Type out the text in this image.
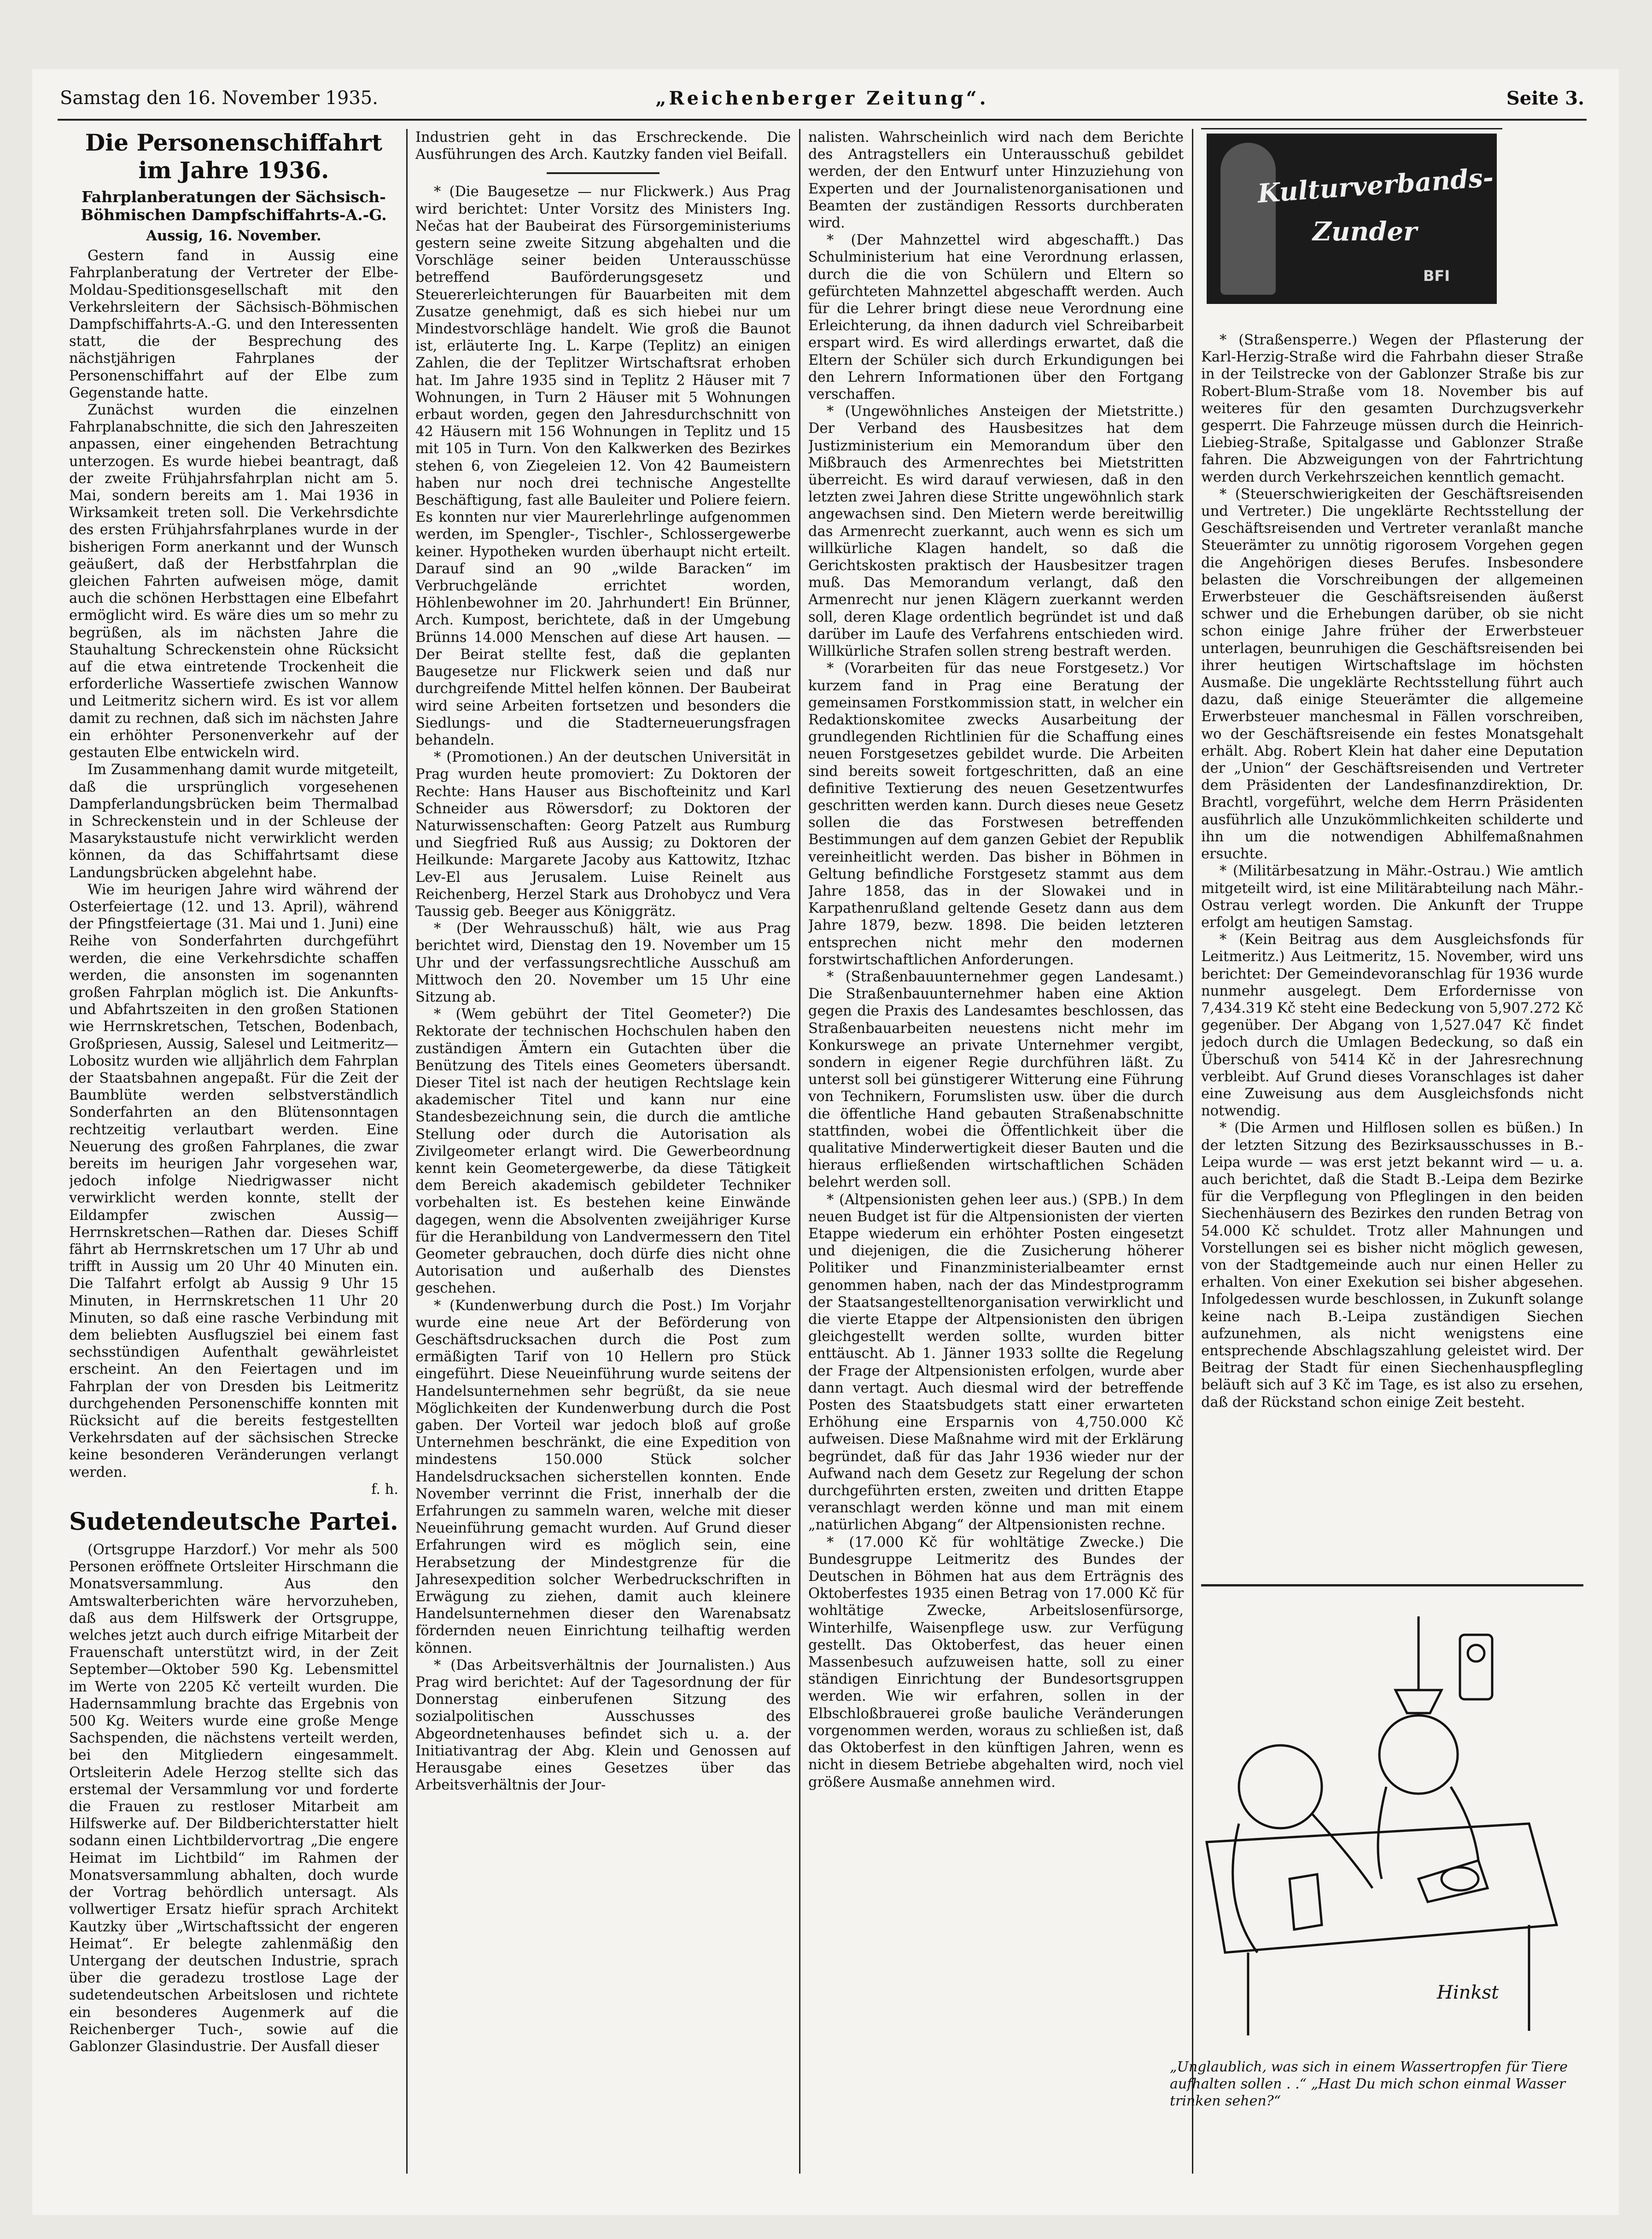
Samstag den 16. November 1935.	„Reichenberger Zeitung“.	Seite 3.
Die Personenschiffahrt im Jahre 1936.
Fahrplanberatungen der Sächsisch-Böhmischen Dampfschiffahrts-A.-G.
Aussig, 16. November.

Gestern fand in Aussig eine Fahrplanberatung der Vertreter der Elbe-Moldau-Speditionsgesellschaft mit den Verkehrsleitern der Sächsisch-Böhmischen Dampfschiffahrts-A.-G. und den Interessenten statt, die der Besprechung des nächstjährigen Fahrplanes der Personenschiffahrt auf der Elbe zum Gegenstande hatte.

Zunächst wurden die einzelnen Fahrplanabschnitte, die sich den Jahreszeiten anpassen, einer eingehenden Betrachtung unterzogen. Es wurde hiebei beantragt, daß der zweite Frühjahrsfahrplan nicht am 5. Mai, sondern bereits am 1. Mai 1936 in Wirksamkeit treten soll. Die Verkehrsdichte des ersten Frühjahrsfahrplanes wurde in der bisherigen Form anerkannt und der Wunsch geäußert, daß der Herbstfahrplan die gleichen Fahrten aufweisen möge, damit auch die schönen Herbsttagen eine Elbefahrt ermöglicht wird. Es wäre dies um so mehr zu begrüßen, als im nächsten Jahre die Stauhaltung Schreckenstein ohne Rücksicht auf die etwa eintretende Trockenheit die erforderliche Wassertiefe zwischen Wannow und Leitmeritz sichern wird. Es ist vor allem damit zu rechnen, daß sich im nächsten Jahre ein erhöhter Personenverkehr auf der gestauten Elbe entwickeln wird.

Im Zusammenhang damit wurde mitgeteilt, daß die ursprünglich vorgesehenen Dampferlandungsbrücken beim Thermalbad in Schreckenstein und in der Schleuse der Masarykstaustufe nicht verwirklicht werden können, da das Schiffahrtsamt diese Landungsbrücken abgelehnt habe.

Wie im heurigen Jahre wird während der Osterfeiertage (12. und 13. April), während der Pfingstfeiertage (31. Mai und 1. Juni) eine Reihe von Sonderfahrten durchgeführt werden, die eine Verkehrsdichte schaffen werden, die ansonsten im sogenannten großen Fahrplan möglich ist. Die Ankunfts- und Abfahrtszeiten in den großen Stationen wie Herrnskretschen, Tetschen, Bodenbach, Großpriesen, Aussig, Salesel und Leitmeritz—Lobositz wurden wie alljährlich dem Fahrplan der Staatsbahnen angepaßt. Für die Zeit der Baumblüte werden selbstverständlich Sonderfahrten an den Blütensonntagen rechtzeitig verlautbart werden. Eine Neuerung des großen Fahrplanes, die zwar bereits im heurigen Jahr vorgesehen war, jedoch infolge Niedrigwasser nicht verwirklicht werden konnte, stellt der Eildampfer zwischen Aussig—Herrnskretschen—Rathen dar. Dieses Schiff fährt ab Herrnskretschen um 17 Uhr ab und trifft in Aussig um 20 Uhr 40 Minuten ein. Die Talfahrt erfolgt ab Aussig 9 Uhr 15 Minuten, in Herrnskretschen 11 Uhr 20 Minuten, so daß eine rasche Verbindung mit dem beliebten Ausflugsziel bei einem fast sechsstündigen Aufenthalt gewährleistet erscheint. An den Feiertagen und im Fahrplan der von Dresden bis Leitmeritz durchgehenden Personenschiffe konnten mit Rücksicht auf die bereits festgestellten Verkehrsdaten auf der sächsischen Strecke keine besonderen Veränderungen verlangt werden.

f. h.
Sudetendeutsche Partei.

(Ortsgruppe Harzdorf.) Vor mehr als 500 Personen eröffnete Ortsleiter Hirschmann die Monatsversammlung. Aus den Amtswalterberichten wäre hervorzuheben, daß aus dem Hilfswerk der Ortsgruppe, welches jetzt auch durch eifrige Mitarbeit der Frauenschaft unterstützt wird, in der Zeit September—Oktober 590 Kg. Lebensmittel im Werte von 2205 Kč verteilt wurden. Die Hadernsammlung brachte das Ergebnis von 500 Kg. Weiters wurde eine große Menge Sachspenden, die nächstens verteilt werden, bei den Mitgliedern eingesammelt. Ortsleiterin Adele Herzog stellte sich das erstemal der Versammlung vor und forderte die Frauen zu restloser Mitarbeit am Hilfswerke auf. Der Bildberichterstatter hielt sodann einen Lichtbildervortrag „Die engere Heimat im Lichtbild“ im Rahmen der Monatsversammlung abhalten, doch wurde der Vortrag behördlich untersagt. Als vollwertiger Ersatz hiefür sprach Architekt Kautzky über „Wirtschaftssicht der engeren Heimat“. Er belegte zahlenmäßig den Untergang der deutschen Industrie, sprach über die geradezu trostlose Lage der sudetendeutschen Arbeitslosen und richtete ein besonderes Augenmerk auf die Reichenberger Tuch-, sowie auf die Gablonzer Glasindustrie. Der Ausfall dieser

Industrien geht in das Erschreckende. Die Ausführungen des Arch. Kautzky fanden viel Beifall.

* (Die Baugesetze — nur Flickwerk.) Aus Prag wird berichtet: Unter Vorsitz des Ministers Ing. Nečas hat der Baubeirat des Fürsorgeministeriums gestern seine zweite Sitzung abgehalten und die Vorschläge seiner beiden Unterausschüsse betreffend Bauförderungsgesetz und Steuererleichterungen für Bauarbeiten mit dem Zusatze genehmigt, daß es sich hiebei nur um Mindestvorschläge handelt. Wie groß die Baunot ist, erläuterte Ing. L. Karpe (Teplitz) an einigen Zahlen, die der Teplitzer Wirtschaftsrat erhoben hat. Im Jahre 1935 sind in Teplitz 2 Häuser mit 7 Wohnungen, in Turn 2 Häuser mit 5 Wohnungen erbaut worden, gegen den Jahresdurchschnitt von 42 Häusern mit 156 Wohnungen in Teplitz und 15 mit 105 in Turn. Von den Kalkwerken des Bezirkes stehen 6, von Ziegeleien 12. Von 42 Baumeistern haben nur noch drei technische Angestellte Beschäftigung, fast alle Bauleiter und Poliere feiern. Es konnten nur vier Maurerlehrlinge aufgenommen werden, im Spengler-, Tischler-, Schlossergewerbe keiner. Hypotheken wurden überhaupt nicht erteilt. Darauf sind an 90 „wilde Baracken“ im Verbruchgelände errichtet worden, Höhlenbewohner im 20. Jahrhundert! Ein Brünner, Arch. Kumpost, berichtete, daß in der Umgebung Brünns 14.000 Menschen auf diese Art hausen. — Der Beirat stellte fest, daß die geplanten Baugesetze nur Flickwerk seien und daß nur durchgreifende Mittel helfen können. Der Baubeirat wird seine Arbeiten fortsetzen und besonders die Siedlungs- und die Stadterneuerungsfragen behandeln.

* (Promotionen.) An der deutschen Universität in Prag wurden heute promoviert: Zu Doktoren der Rechte: Hans Hauser aus Bischofteinitz und Karl Schneider aus Röwersdorf; zu Doktoren der Naturwissenschaften: Georg Patzelt aus Rumburg und Siegfried Ruß aus Aussig; zu Doktoren der Heilkunde: Margarete Jacoby aus Kattowitz, Itzhac Lev-El aus Jerusalem. Luise Reinelt aus Reichenberg, Herzel Stark aus Drohobycz und Vera Taussig geb. Beeger aus Königgrätz.

* (Der Wehrausschuß) hält, wie aus Prag berichtet wird, Dienstag den 19. November um 15 Uhr und der verfassungsrechtliche Ausschuß am Mittwoch den 20. November um 15 Uhr eine Sitzung ab.

* (Wem gebührt der Titel Geometer?) Die Rektorate der technischen Hochschulen haben den zuständigen Ämtern ein Gutachten über die Benützung des Titels eines Geometers übersandt. Dieser Titel ist nach der heutigen Rechtslage kein akademischer Titel und kann nur eine Standesbezeichnung sein, die durch die amtliche Stellung oder durch die Autorisation als Zivilgeometer erlangt wird. Die Gewerbeordnung kennt kein Geometergewerbe, da diese Tätigkeit dem Bereich akademisch gebildeter Techniker vorbehalten ist. Es bestehen keine Einwände dagegen, wenn die Absolventen zweijähriger Kurse für die Heranbildung von Landvermessern den Titel Geometer gebrauchen, doch dürfe dies nicht ohne Autorisation und außerhalb des Dienstes geschehen.

* (Kundenwerbung durch die Post.) Im Vorjahr wurde eine neue Art der Beförderung von Geschäftsdrucksachen durch die Post zum ermäßigten Tarif von 10 Hellern pro Stück eingeführt. Diese Neueinführung wurde seitens der Handelsunternehmen sehr begrüßt, da sie neue Möglichkeiten der Kundenwerbung durch die Post gaben. Der Vorteil war jedoch bloß auf große Unternehmen beschränkt, die eine Expedition von mindestens 150.000 Stück solcher Handelsdrucksachen sicherstellen konnten. Ende November verrinnt die Frist, innerhalb der die Erfahrungen zu sammeln waren, welche mit dieser Neueinführung gemacht wurden. Auf Grund dieser Erfahrungen wird es möglich sein, eine Herabsetzung der Mindestgrenze für die Jahresexpedition solcher Werbedruckschriften in Erwägung zu ziehen, damit auch kleinere Handelsunternehmen dieser den Warenabsatz fördernden neuen Einrichtung teilhaftig werden können.

* (Das Arbeitsverhältnis der Journalisten.) Aus Prag wird berichtet: Auf der Tagesordnung der für Donnerstag einberufenen Sitzung des sozialpolitischen Ausschusses des Abgeordnetenhauses befindet sich u. a. der Initiativantrag der Abg. Klein und Genossen auf Herausgabe eines Gesetzes über das Arbeitsverhältnis der Jour-

nalisten. Wahrscheinlich wird nach dem Berichte des Antragstellers ein Unterausschuß gebildet werden, der den Entwurf unter Hinzuziehung von Experten und der Journalistenorganisationen und Beamten der zuständigen Ressorts durchberaten wird.

* (Der Mahnzettel wird abgeschafft.) Das Schulministerium hat eine Verordnung erlassen, durch die die von Schülern und Eltern so gefürchteten Mahnzettel abgeschafft werden. Auch für die Lehrer bringt diese neue Verordnung eine Erleichterung, da ihnen dadurch viel Schreibarbeit erspart wird. Es wird allerdings erwartet, daß die Eltern der Schüler sich durch Erkundigungen bei den Lehrern Informationen über den Fortgang verschaffen.

* (Ungewöhnliches Ansteigen der Mietstritte.) Der Verband des Hausbesitzes hat dem Justizministerium ein Memorandum über den Mißbrauch des Armenrechtes bei Mietstritten überreicht. Es wird darauf verwiesen, daß in den letzten zwei Jahren diese Stritte ungewöhnlich stark angewachsen sind. Den Mietern werde bereitwillig das Armenrecht zuerkannt, auch wenn es sich um willkürliche Klagen handelt, so daß die Gerichtskosten praktisch der Hausbesitzer tragen muß. Das Memorandum verlangt, daß den Armenrecht nur jenen Klägern zuerkannt werden soll, deren Klage ordentlich begründet ist und daß darüber im Laufe des Verfahrens entschieden wird. Willkürliche Strafen sollen streng bestraft werden.

* (Vorarbeiten für das neue Forstgesetz.) Vor kurzem fand in Prag eine Beratung der gemeinsamen Forstkommission statt, in welcher ein Redaktionskomitee zwecks Ausarbeitung der grundlegenden Richtlinien für die Schaffung eines neuen Forstgesetzes gebildet wurde. Die Arbeiten sind bereits soweit fortgeschritten, daß an eine definitive Textierung des neuen Gesetzentwurfes geschritten werden kann. Durch dieses neue Gesetz sollen die das Forstwesen betreffenden Bestimmungen auf dem ganzen Gebiet der Republik vereinheitlicht werden. Das bisher in Böhmen in Geltung befindliche Forstgesetz stammt aus dem Jahre 1858, das in der Slowakei und in Karpathenrußland geltende Gesetz dann aus dem Jahre 1879, bezw. 1898. Die beiden letzteren entsprechen nicht mehr den modernen forstwirtschaftlichen Anforderungen.

* (Straßenbauunternehmer gegen Landesamt.) Die Straßenbauunternehmer haben eine Aktion gegen die Praxis des Landesamtes beschlossen, das Straßenbauarbeiten neuestens nicht mehr im Konkurswege an private Unternehmer vergibt, sondern in eigener Regie durchführen läßt. Zu unterst soll bei günstigerer Witterung eine Führung von Technikern, Forumslisten usw. über die durch die öffentliche Hand gebauten Straßenabschnitte stattfinden, wobei die Öffentlichkeit über die qualitative Minderwertigkeit dieser Bauten und die hieraus erfließenden wirtschaftlichen Schäden belehrt werden soll.

* (Altpensionisten gehen leer aus.) (SPB.) In dem neuen Budget ist für die Altpensionisten der vierten Etappe wiederum ein erhöhter Posten eingesetzt und diejenigen, die die Zusicherung höherer Politiker und Finanzministerialbeamter ernst genommen haben, nach der das Mindestprogramm der Staatsangestelltenorganisation verwirklicht und die vierte Etappe der Altpensionisten den übrigen gleichgestellt werden sollte, wurden bitter enttäuscht. Ab 1. Jänner 1933 sollte die Regelung der Frage der Altpensionisten erfolgen, wurde aber dann vertagt. Auch diesmal wird der betreffende Posten des Staatsbudgets statt einer erwarteten Erhöhung eine Ersparnis von 4,750.000 Kč aufweisen. Diese Maßnahme wird mit der Erklärung begründet, daß für das Jahr 1936 wieder nur der Aufwand nach dem Gesetz zur Regelung der schon durchgeführten ersten, zweiten und dritten Etappe veranschlagt werden könne und man mit einem „natürlichen Abgang“ der Altpensionisten rechne.

* (17.000 Kč für wohltätige Zwecke.) Die Bundesgruppe Leitmeritz des Bundes der Deutschen in Böhmen hat aus dem Erträgnis des Oktoberfestes 1935 einen Betrag von 17.000 Kč für wohltätige Zwecke, Arbeitslosenfürsorge, Winterhilfe, Waisenpflege usw. zur Verfügung gestellt. Das Oktoberfest, das heuer einen Massenbesuch aufzuweisen hatte, soll zu einer ständigen Einrichtung der Bundesortsgruppen werden. Wie wir erfahren, sollen in der Elbschloßbrauerei große bauliche Veränderungen vorgenommen werden, woraus zu schließen ist, daß das Oktoberfest in den künftigen Jahren, wenn es nicht in diesem Betriebe abgehalten wird, noch viel größere Ausmaße annehmen wird.

Kulturverbands-
Zunder
BFI

* (Straßensperre.) Wegen der Pflasterung der Karl-Herzig-Straße wird die Fahrbahn dieser Straße in der Teilstrecke von der Gablonzer Straße bis zur Robert-Blum-Straße vom 18. November bis auf weiteres für den gesamten Durchzugsverkehr gesperrt. Die Fahrzeuge müssen durch die Heinrich-Liebieg-Straße, Spitalgasse und Gablonzer Straße fahren. Die Abzweigungen von der Fahrtrichtung werden durch Verkehrszeichen kenntlich gemacht.

* (Steuerschwierigkeiten der Geschäftsreisenden und Vertreter.) Die ungeklärte Rechtsstellung der Geschäftsreisenden und Vertreter veranlaßt manche Steuerämter zu unnötig rigorosem Vorgehen gegen die Angehörigen dieses Berufes. Insbesondere belasten die Vorschreibungen der allgemeinen Erwerbsteuer die Geschäftsreisenden äußerst schwer und die Erhebungen darüber, ob sie nicht schon einige Jahre früher der Erwerbsteuer unterlagen, beunruhigen die Geschäftsreisenden bei ihrer heutigen Wirtschaftslage im höchsten Ausmaße. Die ungeklärte Rechtsstellung führt auch dazu, daß einige Steuerämter die allgemeine Erwerbsteuer manchesmal in Fällen vorschreiben, wo der Geschäftsreisende ein festes Monatsgehalt erhält. Abg. Robert Klein hat daher eine Deputation der „Union“ der Geschäftsreisenden und Vertreter dem Präsidenten der Landesfinanzdirektion, Dr. Brachtl, vorgeführt, welche dem Herrn Präsidenten ausführlich alle Unzukömmlichkeiten schilderte und ihn um die notwendigen Abhilfemaßnahmen ersuchte.

* (Militärbesatzung in Mähr.-Ostrau.) Wie amtlich mitgeteilt wird, ist eine Militärabteilung nach Mähr.-Ostrau verlegt worden. Die Ankunft der Truppe erfolgt am heutigen Samstag.

* (Kein Beitrag aus dem Ausgleichsfonds für Leitmeritz.) Aus Leitmeritz, 15. November, wird uns berichtet: Der Gemeindevoranschlag für 1936 wurde nunmehr ausgelegt. Dem Erfordernisse von 7,434.319 Kč steht eine Bedeckung von 5,907.272 Kč gegenüber. Der Abgang von 1,527.047 Kč findet jedoch durch die Umlagen Bedeckung, so daß ein Überschuß von 5414 Kč in der Jahresrechnung verbleibt. Auf Grund dieses Voranschlages ist daher eine Zuweisung aus dem Ausgleichsfonds nicht notwendig.

* (Die Armen und Hilflosen sollen es büßen.) In der letzten Sitzung des Bezirksausschusses in B.-Leipa wurde — was erst jetzt bekannt wird — u. a. auch berichtet, daß die Stadt B.-Leipa dem Bezirke für die Verpflegung von Pfleglingen in den beiden Siechenhäusern des Bezirkes den runden Betrag von 54.000 Kč schuldet. Trotz aller Mahnungen und Vorstellungen sei es bisher nicht möglich gewesen, von der Stadtgemeinde auch nur einen Heller zu erhalten. Von einer Exekution sei bisher abgesehen. Infolgedessen wurde beschlossen, in Zukunft solange keine nach B.-Leipa zuständigen Siechen aufzunehmen, als nicht wenigstens eine entsprechende Abschlagszahlung geleistet wird. Der Beitrag der Stadt für einen Siechenhauspflegling beläuft sich auf 3 Kč im Tage, es ist also zu ersehen, daß der Rückstand schon einige Zeit besteht.

Hinkst
„Unglaublich, was sich in einem Wassertropfen für Tiere aufhalten sollen . .“ „Hast Du mich schon einmal Wasser trinken sehen?“
